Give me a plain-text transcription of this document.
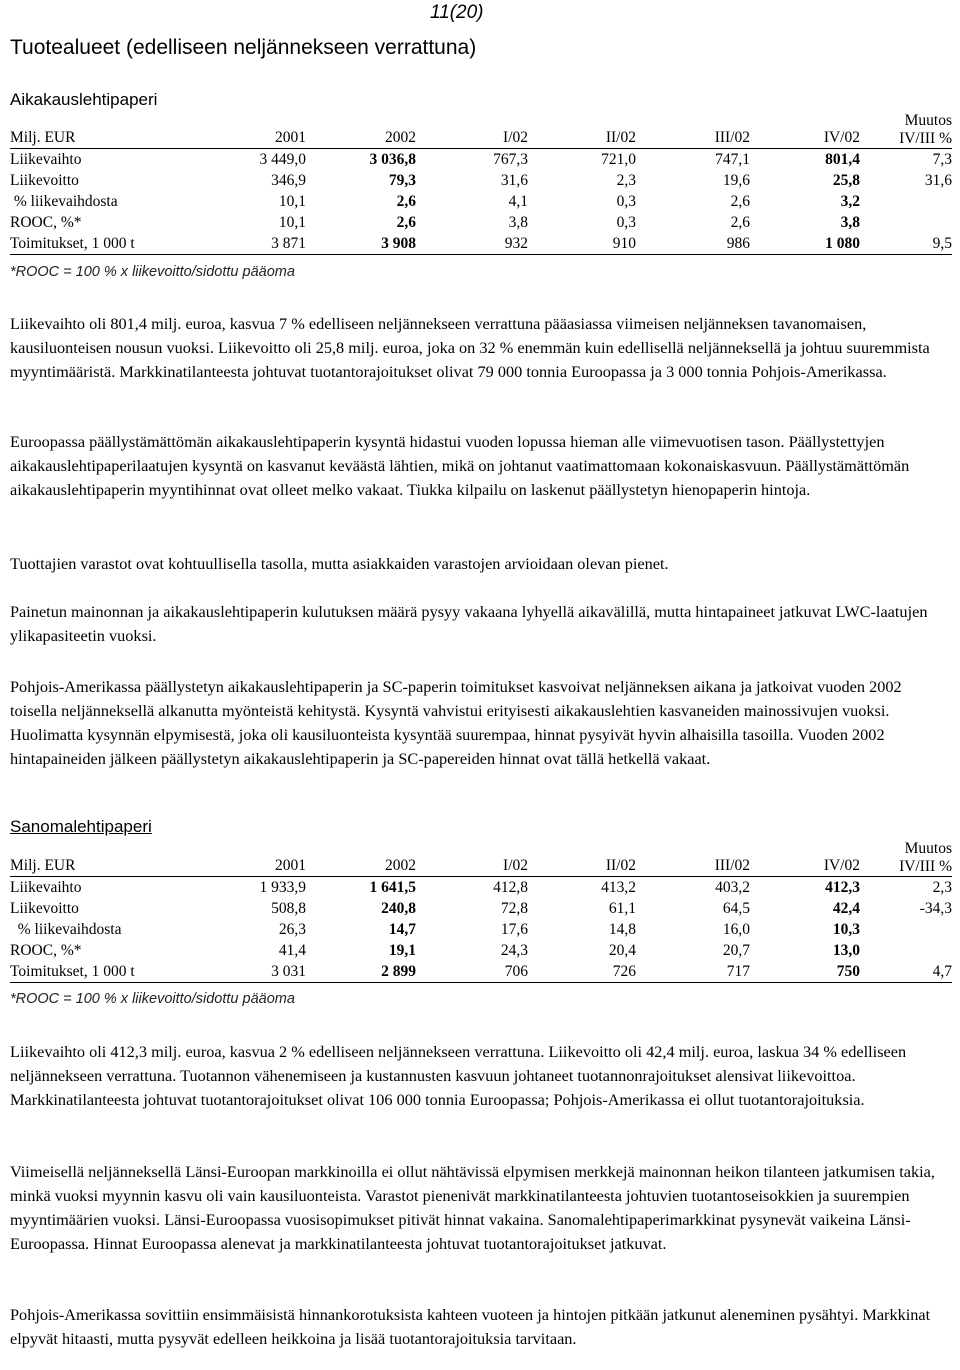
11(20)
Tuotealueet (edelliseen neljännekseen verrattuna)
Aikakauslehtipaperi
Milj. EUR	2001	2002	I/02	II/02	III/02	IV/02	Muutos
IV/III %
Liikevaihto	3 449,0	3 036,8	767,3	721,0	747,1	801,4	7,3
Liikevoitto	346,9	79,3	31,6	2,3	19,6	25,8	31,6
% liikevaihdosta	10,1	2,6	4,1	0,3	2,6	3,2	
ROOC, %*	10,1	2,6	3,8	0,3	2,6	3,8	
Toimitukset, 1 000 t	3 871	3 908	932	910	986	1 080	9,5
*ROOC = 100 % x liikevoitto/sidottu pääoma

Liikevaihto oli 801,4 milj. euroa, kasvua 7 % edelliseen neljännekseen verrattuna pääasiassa viimeisen neljänneksen tavanomaisen, kausiluonteisen nousun vuoksi. Liikevoitto oli 25,8 milj. euroa, joka on 32 % enemmän kuin edellisellä neljänneksellä ja johtuu suuremmista myyntimääristä. Markkinatilanteesta johtuvat tuotantorajoitukset olivat 79 000 tonnia Euroopassa ja 3 000 tonnia Pohjois-Amerikassa.

Euroopassa päällystämättömän aikakauslehtipaperin kysyntä hidastui vuoden lopussa hieman alle viimevuotisen tason. Päällystettyjen aikakauslehtipaperilaatujen kysyntä on kasvanut keväästä lähtien, mikä on johtanut vaatimattomaan kokonaiskasvuun. Päällystämättömän aikakauslehtipaperin myyntihinnat ovat olleet melko vakaat. Tiukka kilpailu on laskenut päällystetyn hienopaperin hintoja.

Tuottajien varastot ovat kohtuullisella tasolla, mutta asiakkaiden varastojen arvioidaan olevan pienet.

Painetun mainonnan ja aikakauslehtipaperin kulutuksen määrä pysyy vakaana lyhyellä aikavälillä, mutta hintapaineet jatkuvat LWC-laatujen ylikapasiteetin vuoksi.

Pohjois-Amerikassa päällystetyn aikakauslehtipaperin ja SC-paperin toimitukset kasvoivat neljänneksen aikana ja jatkoivat vuoden 2002 toisella neljänneksellä alkanutta myönteistä kehitystä. Kysyntä vahvistui erityisesti aikakauslehtien kasvaneiden mainossivujen vuoksi. Huolimatta kysynnän elpymisestä, joka oli kausiluonteista kysyntää suurempaa, hinnat pysyivät hyvin alhaisilla tasoilla. Vuoden 2002 hintapaineiden jälkeen päällystetyn aikakauslehtipaperin ja SC-papereiden hinnat ovat tällä hetkellä vakaat.

Sanomalehtipaperi
Milj. EUR	2001	2002	I/02	II/02	III/02	IV/02	Muutos
IV/III %
Liikevaihto	1 933,9	1 641,5	412,8	413,2	403,2	412,3	2,3
Liikevoitto	508,8	240,8	72,8	61,1	64,5	42,4	-34,3
% liikevaihdosta	26,3	14,7	17,6	14,8	16,0	10,3	
ROOC, %*	41,4	19,1	24,3	20,4	20,7	13,0	
Toimitukset, 1 000 t	3 031	2 899	706	726	717	750	4,7
*ROOC = 100 % x liikevoitto/sidottu pääoma

Liikevaihto oli 412,3 milj. euroa, kasvua 2 % edelliseen neljännekseen verrattuna. Liikevoitto oli 42,4 milj. euroa, laskua 34 % edelliseen neljännekseen verrattuna. Tuotannon vähenemiseen ja kustannusten kasvuun johtaneet tuotannonrajoitukset alensivat liikevoittoa. Markkinatilanteesta johtuvat tuotantorajoitukset olivat 106 000 tonnia Euroopassa; Pohjois-Amerikassa ei ollut tuotantorajoituksia.

Viimeisellä neljänneksellä Länsi-Euroopan markkinoilla ei ollut nähtävissä elpymisen merkkejä mainonnan heikon tilanteen jatkumisen takia, minkä vuoksi myynnin kasvu oli vain kausiluonteista. Varastot pienenivät markkinatilanteesta johtuvien tuotantoseisokkien ja suurempien myyntimäärien vuoksi. Länsi-Euroopassa vuosisopimukset pitivät hinnat vakaina. Sanomalehtipaperimarkkinat pysynevät vaikeina Länsi-Euroopassa. Hinnat Euroopassa alenevat ja markkinatilanteesta johtuvat tuotantorajoitukset jatkuvat.

Pohjois-Amerikassa sovittiin ensimmäisistä hinnankorotuksista kahteen vuoteen ja hintojen pitkään jatkunut aleneminen pysähtyi. Markkinat elpyvät hitaasti, mutta pysyvät edelleen heikkoina ja lisää tuotantorajoituksia tarvitaan.
